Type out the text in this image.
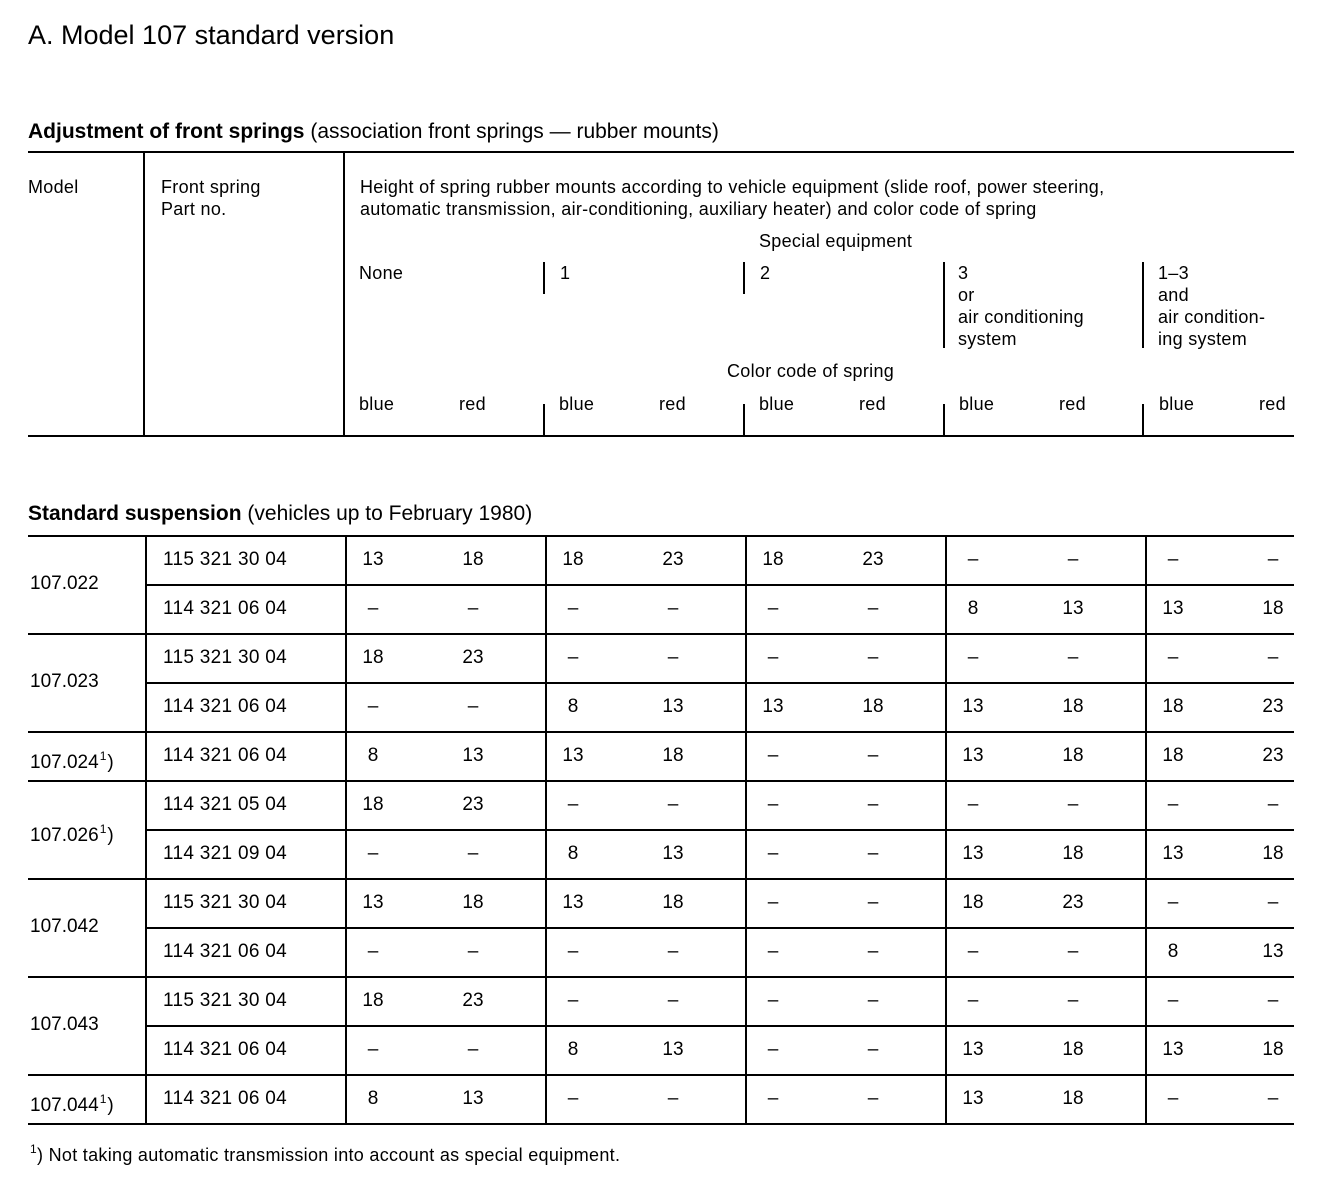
A. Model 107 standard version
Adjustment of front springs (association front springs — rubber mounts)
Model	Front spring
Part no.
Height of spring rubber mounts according to vehicle equipment (slide roof, power steering,
automatic transmission, air-conditioning, auxiliary heater) and color code of spring
Special equipment
None	1	2	3
or
air conditioning
system
1–3
and
air condition-
ing system
Color code of spring
blue	red	blue	red	blue	red	blue	red	blue	red
Standard suspension (vehicles up to February 1980)
107.022
115 321 30 04	13	18	18	23	18	23	–	–	–	–
114 321 06 04	–	–	–	–	–	–	8	13	13	18
107.023
115 321 30 04	18	23	–	–	–	–	–	–	–	–
114 321 06 04	–	–	8	13	13	18	13	18	18	23
107.024$^1$)	114 321 06 04	8	13	13	18	–	–	13	18	18	23
107.026$^1$)
114 321 05 04	18	23	–	–	–	–	–	–	–	–
114 321 09 04	–	–	8	13	–	–	13	18	13	18
107.042
115 321 30 04	13	18	13	18	–	–	18	23	–	–
114 321 06 04	–	–	–	–	–	–	–	–	8	13
107.043
115 321 30 04	18	23	–	–	–	–	–	–	–	–
114 321 06 04	–	–	8	13	–	–	13	18	13	18
107.044$^1$)	114 321 06 04	8	13	–	–	–	–	13	18	–	–
$^1$) Not taking automatic transmission into account as special equipment.
